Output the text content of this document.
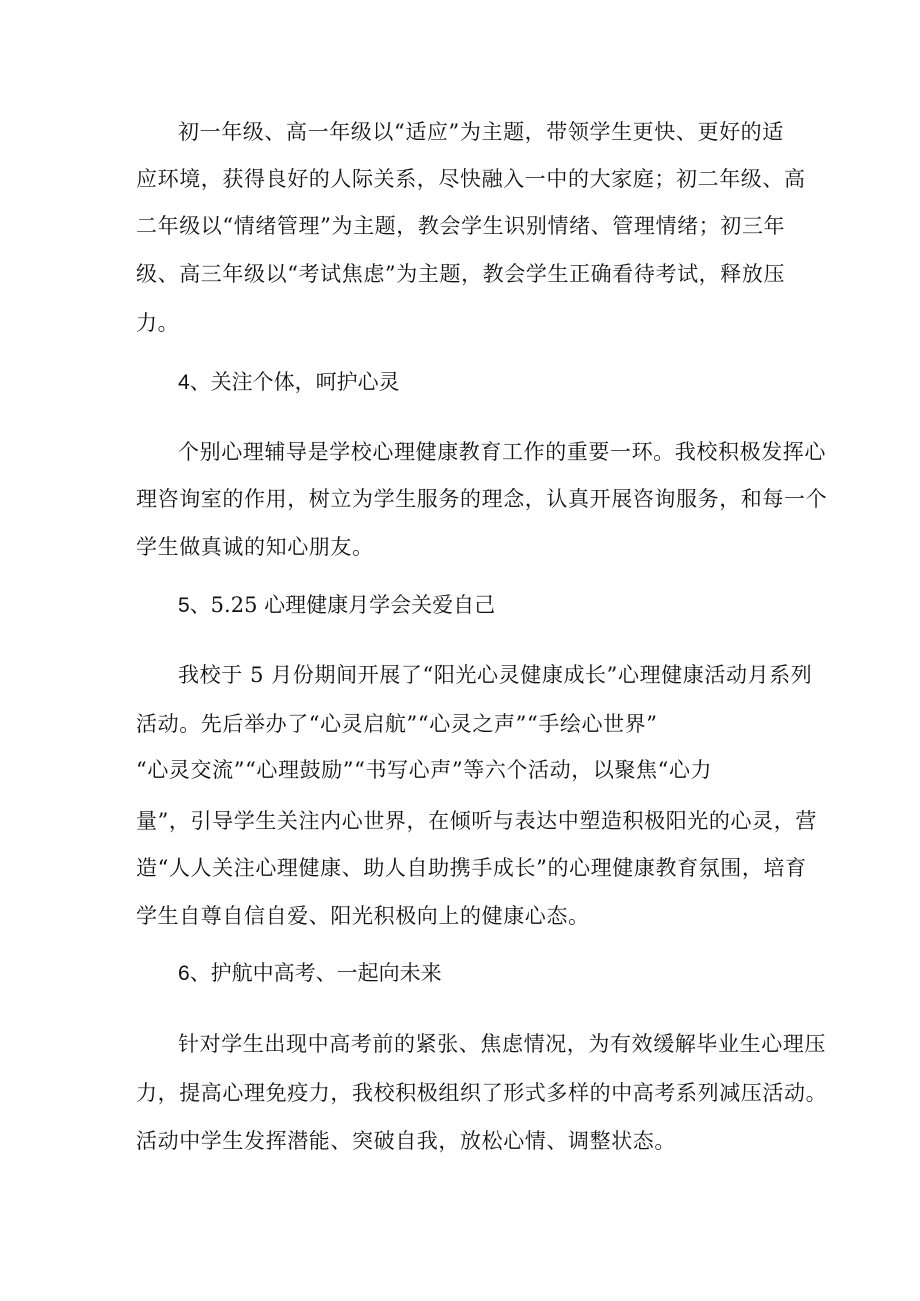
初一年级、高一年级以“适应”为主题，带领学生更快、更好的适
应环境，获得良好的人际关系，尽快融入一中的大家庭；初二年级、高
二年级以“情绪管理”为主题，教会学生识别情绪、管理情绪；初三年
级、高三年级以“考试焦虑”为主题，教会学生正确看待考试，释放压
力。
4、关注个体，呵护心灵
个别心理辅导是学校心理健康教育工作的重要一环。我校积极发挥心
理咨询室的作用，树立为学生服务的理念，认真开展咨询服务，和每一个
学生做真诚的知心朋友。
5、5.25 心理健康月学会关爱自己
我校于 5 月份期间开展了“阳光心灵健康成长”心理健康活动月系列
活动。先后举办了“心灵启航”“心灵之声”“手绘心世界”
“心灵交流”“心理鼓励”“书写心声”等六个活动，以聚焦“心力
量”，引导学生关注内心世界，在倾听与表达中塑造积极阳光的心灵，营
造“人人关注心理健康、助人自助携手成长”的心理健康教育氛围，培育
学生自尊自信自爱、阳光积极向上的健康心态。
6、护航中高考、一起向未来
针对学生出现中高考前的紧张、焦虑情况，为有效缓解毕业生心理压
力，提高心理免疫力，我校积极组织了形式多样的中高考系列减压活动。
活动中学生发挥潜能、突破自我，放松心情、调整状态。
